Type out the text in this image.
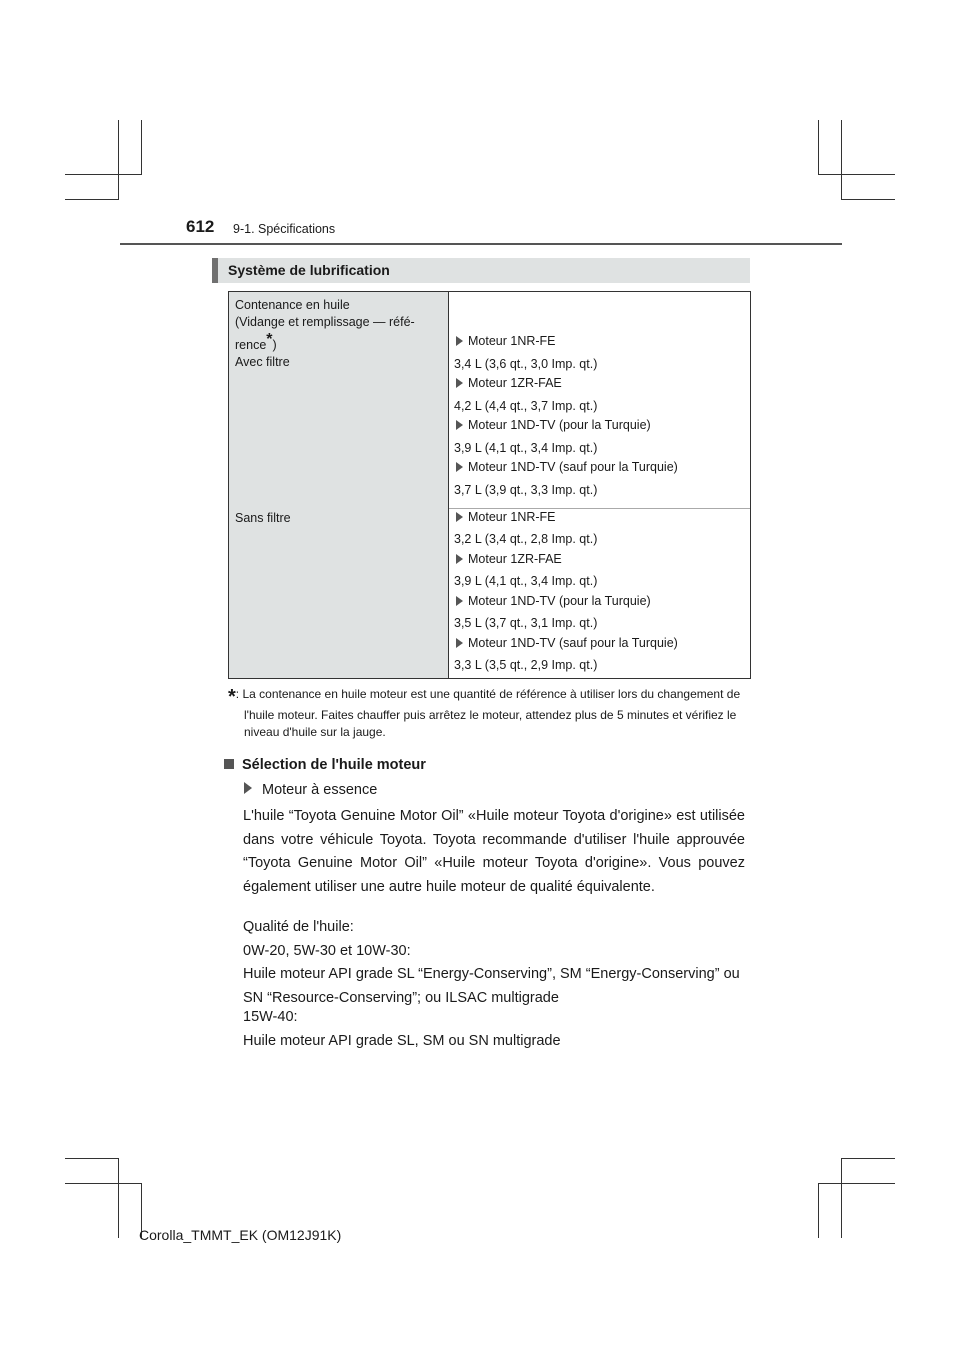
612 9-1. Spécifications
Système de lubrification
Contenance en huile
(Vidange et remplissage — réfé-
rence*)
Avec filtre
Sans filtre
Moteur 1NR-FE
3,4 L (3,6 qt., 3,0 Imp. qt.)
Moteur 1ZR-FAE
4,2 L (4,4 qt., 3,7 Imp. qt.)
Moteur 1ND-TV (pour la Turquie)
3,9 L (4,1 qt., 3,4 Imp. qt.)
Moteur 1ND-TV (sauf pour la Turquie)
3,7 L (3,9 qt., 3,3 Imp. qt.)
Moteur 1NR-FE
3,2 L (3,4 qt., 2,8 Imp. qt.)
Moteur 1ZR-FAE
3,9 L (4,1 qt., 3,4 Imp. qt.)
Moteur 1ND-TV (pour la Turquie)
3,5 L (3,7 qt., 3,1 Imp. qt.)
Moteur 1ND-TV (sauf pour la Turquie)
3,3 L (3,5 qt., 2,9 Imp. qt.)
*: La contenance en huile moteur est une quantité de référence à utiliser lors du changement de l'huile moteur. Faites chauffer puis arrêtez le moteur, attendez plus de 5 minutes et vérifiez le niveau d'huile sur la jauge.
Sélection de l'huile moteur
Moteur à essence
L'huile “Toyota Genuine Motor Oil” «Huile moteur Toyota d'origine» est utilisée dans votre véhicule Toyota. Toyota recommande d'utiliser l'huile approuvée “Toyota Genuine Motor Oil” «Huile moteur Toyota d'origine». Vous pouvez également utiliser une autre huile moteur de qualité équivalente.
Qualité de l'huile:
0W-20, 5W-30 et 10W-30:
Huile moteur API grade SL “Energy-Conserving”, SM “Energy-Conserving” ou SN “Resource-Conserving”; ou ILSAC multigrade
15W-40:
Huile moteur API grade SL, SM ou SN multigrade
Corolla_TMMT_EK (OM12J91K)
